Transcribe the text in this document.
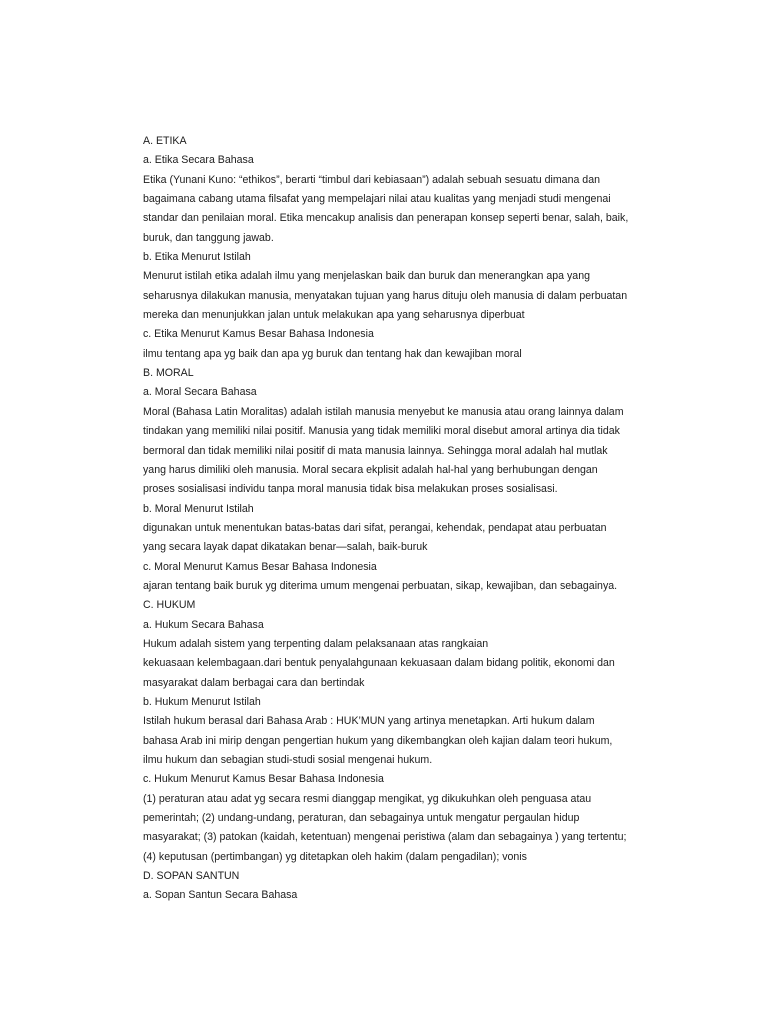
A. ETIKA
a. Etika Secara Bahasa
Etika (Yunani Kuno: “ethikos”, berarti “timbul dari kebiasaan”) adalah sebuah sesuatu dimana dan
bagaimana cabang utama filsafat yang mempelajari nilai atau kualitas yang menjadi studi mengenai
standar dan penilaian moral. Etika mencakup analisis dan penerapan konsep seperti benar, salah, baik,
buruk, dan tanggung jawab.
b. Etika Menurut Istilah
Menurut istilah etika adalah ilmu yang menjelaskan baik dan buruk dan menerangkan apa yang
seharusnya dilakukan manusia, menyatakan tujuan yang harus dituju oleh manusia di dalam perbuatan
mereka dan menunjukkan jalan untuk melakukan apa yang seharusnya diperbuat
c. Etika Menurut Kamus Besar Bahasa Indonesia
ilmu tentang apa yg baik dan apa yg buruk dan tentang hak dan kewajiban moral
B. MORAL
a. Moral Secara Bahasa
Moral (Bahasa Latin Moralitas) adalah istilah manusia menyebut ke manusia atau orang lainnya dalam
tindakan yang memiliki nilai positif. Manusia yang tidak memiliki moral disebut amoral artinya dia tidak
bermoral dan tidak memiliki nilai positif di mata manusia lainnya. Sehingga moral adalah hal mutlak
yang harus dimiliki oleh manusia. Moral secara ekplisit adalah hal-hal yang berhubungan dengan
proses sosialisasi individu tanpa moral manusia tidak bisa melakukan proses sosialisasi.
b. Moral Menurut Istilah
digunakan untuk menentukan batas-batas dari sifat, perangai, kehendak, pendapat atau perbuatan
yang secara layak dapat dikatakan benar—salah, baik-buruk
c. Moral Menurut Kamus Besar Bahasa Indonesia
ajaran tentang baik buruk yg diterima umum mengenai perbuatan, sikap, kewajiban, dan sebagainya.
C. HUKUM
a. Hukum Secara Bahasa
Hukum adalah sistem yang terpenting dalam pelaksanaan atas rangkaian
kekuasaan kelembagaan.dari bentuk penyalahgunaan kekuasaan dalam bidang politik, ekonomi dan
masyarakat dalam berbagai cara dan bertindak
b. Hukum Menurut Istilah
Istilah hukum berasal dari Bahasa Arab : HUK’MUN yang artinya menetapkan. Arti hukum dalam
bahasa Arab ini mirip dengan pengertian hukum yang dikembangkan oleh kajian dalam teori hukum,
ilmu hukum dan sebagian studi-studi sosial mengenai hukum.
c. Hukum Menurut Kamus Besar Bahasa Indonesia
(1) peraturan atau adat yg secara resmi dianggap mengikat, yg dikukuhkan oleh penguasa atau
pemerintah; (2) undang-undang, peraturan, dan sebagainya untuk mengatur pergaulan hidup
masyarakat; (3) patokan (kaidah, ketentuan) mengenai peristiwa (alam dan sebagainya ) yang tertentu;
(4) keputusan (pertimbangan) yg ditetapkan oleh hakim (dalam pengadilan); vonis
D. SOPAN SANTUN
a. Sopan Santun Secara Bahasa
